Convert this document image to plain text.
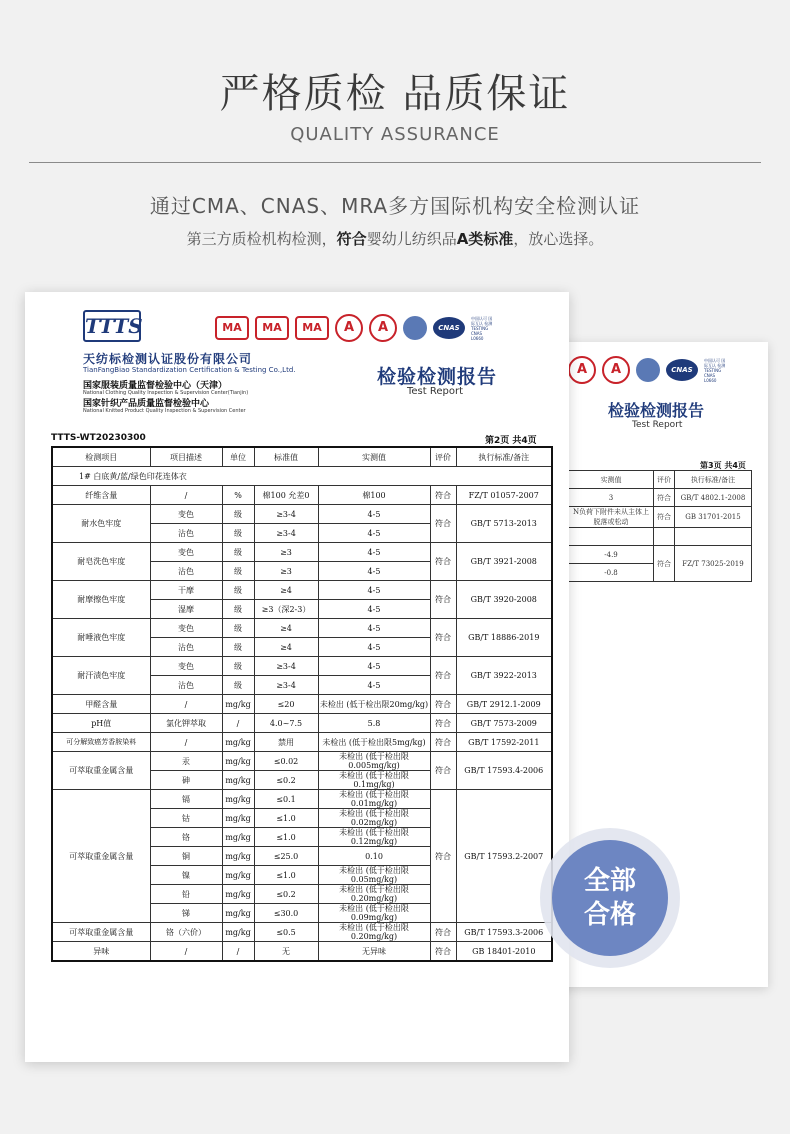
严格质检 品质保证
QUALITY ASSURANCE
通过CMA、CNAS、MRA多方国际机构安全检测认证
第三方质检机构检测，符合婴幼儿纺织品A类标准，放心选择。
A	A	CNAS
中国认可 国际互认 检测 TESTING CNAS L0660
检验检测报告
Test Report
第3页 共4页
实测值	评价	执行标准/备注
3	符合	GB/T 4802.1-2008
N负荷下附件未从主体上脱落或松动	符合	GB 31701-2015

-4.9	符合	FZ/T 73025-2019
-0.8		
TTTS
天纺标检测认证股份有限公司
TianFangBiao Standardization Certification & Testing Co.,Ltd.
国家服装质量监督检验中心（天津）
National Clothing Quality Inspection & Supervision Center(Tianjin)
国家针织产品质量监督检验中心
National Knitted Product Quality Inspection & Supervision Center
MA	MA	MA	A	A	CNAS
中国认可 国际互认 检测 TESTING CNAS L0660
检验检测报告
Test Report
TTTS-WT20230300	第2页 共4页
检测项目	项目描述	单位	标准值	实测值	评价	执行标准/备注
1# 白底黄/蓝/绿色印花连体衣						
纤维含量	/	%	棉100 允差0	棉100	符合	FZ/T 01057-2007
耐水色牢度	变色	级	≥3-4	4-5	符合	GB/T 5713-2013
	沾色	级	≥3-4	4-5		
耐皂洗色牢度	变色	级	≥3	4-5	符合	GB/T 3921-2008
	沾色	级	≥3	4-5		
耐摩擦色牢度	干摩	级	≥4	4-5	符合	GB/T 3920-2008
	湿摩	级	≥3（深2-3）	4-5		
耐唾液色牢度	变色	级	≥4	4-5	符合	GB/T 18886-2019
	沾色	级	≥4	4-5		
耐汗渍色牢度	变色	级	≥3-4	4-5	符合	GB/T 3922-2013
	沾色	级	≥3-4	4-5		
甲醛含量	/	mg/kg	≤20	未检出 (低于检出限20mg/kg)	符合	GB/T 2912.1-2009
pH值	氯化钾萃取	/	4.0~7.5	5.8	符合	GB/T 7573-2009
可分解致癌芳香胺染料	/	mg/kg	禁用	未检出 (低于检出限5mg/kg)	符合	GB/T 17592-2011
可萃取重金属含量	汞	mg/kg	≤0.02	未检出 (低于检出限0.005mg/kg)	符合	GB/T 17593.4-2006
	砷	mg/kg	≤0.2	未检出 (低于检出限0.1mg/kg)		
可萃取重金属含量	镉	mg/kg	≤0.1	未检出 (低于检出限0.01mg/kg)	符合	GB/T 17593.2-2007
	钴	mg/kg	≤1.0	未检出 (低于检出限0.02mg/kg)		
	铬	mg/kg	≤1.0	未检出 (低于检出限0.12mg/kg)		
	铜	mg/kg	≤25.0	0.10		
	镍	mg/kg	≤1.0	未检出 (低于检出限0.05mg/kg)		
	铅	mg/kg	≤0.2	未检出 (低于检出限0.20mg/kg)		
	锑	mg/kg	≤30.0	未检出 (低于检出限0.09mg/kg)		
可萃取重金属含量	铬（六价）	mg/kg	≤0.5	未检出 (低于检出限0.20mg/kg)	符合	GB/T 17593.3-2006
异味	/	/	无	无异味	符合	GB 18401-2010
全部
合格
